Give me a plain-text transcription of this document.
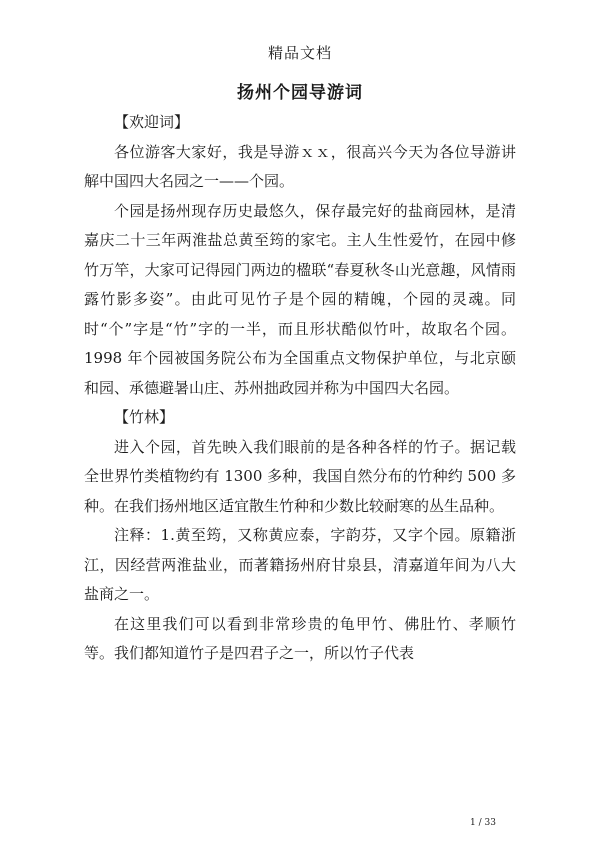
精品文档
扬州个园导游词

【欢迎词】

各位游客大家好，我是导游ｘｘ，很高兴今天为各位导游讲解中国四大名园之一——个园。

个园是扬州现存历史最悠久，保存最完好的盐商园林，是清嘉庆二十三年两淮盐总黄至筠的家宅。主人生性爱竹，在园中修竹万竿，大家可记得园门两边的楹联“春夏秋冬山光意趣，风情雨露竹影多姿”。由此可见竹子是个园的精魄，个园的灵魂。同时“个”字是“竹”字的一半，而且形状酷似竹叶，故取名个园。1998 年个园被国务院公布为全国重点文物保护单位，与北京颐和园、承德避暑山庄、苏州拙政园并称为中国四大名园。

【竹林】

进入个园，首先映入我们眼前的是各种各样的竹子。据记载全世界竹类植物约有 1300 多种，我国自然分布的竹种约 500 多种。在我们扬州地区适宜散生竹种和少数比较耐寒的丛生品种。

注释：1.黄至筠，又称黄应泰，字韵芬，又字个园。原籍浙江，因经营两淮盐业，而著籍扬州府甘泉县，清嘉道年间为八大盐商之一。

在这里我们可以看到非常珍贵的龟甲竹、佛肚竹、孝顺竹等。我们都知道竹子是四君子之一，所以竹子代表

1 / 33
